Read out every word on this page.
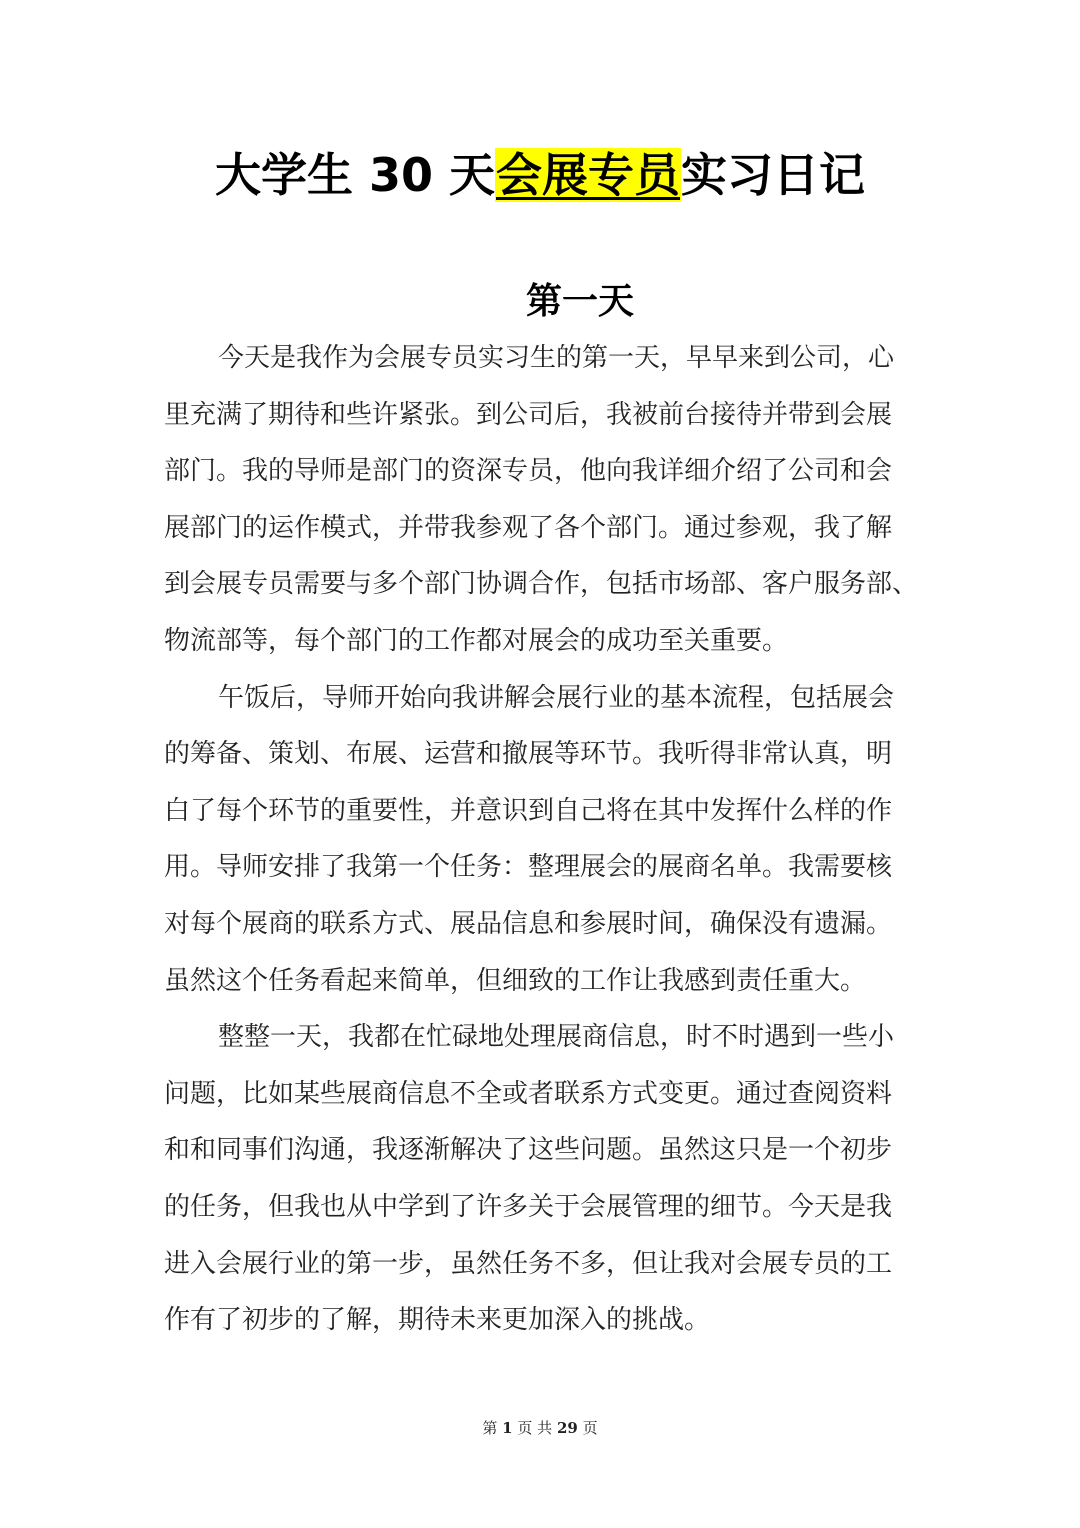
大学生 30 天会展专员实习日记
第一天

今天是我作为会展专员实习生的第一天，早早来到公司，心
里充满了期待和些许紧张。到公司后，我被前台接待并带到会展
部门。我的导师是部门的资深专员，他向我详细介绍了公司和会
展部门的运作模式，并带我参观了各个部门。通过参观，我了解
到会展专员需要与多个部门协调合作，包括市场部、客户服务部、
物流部等，每个部门的工作都对展会的成功至关重要。

午饭后，导师开始向我讲解会展行业的基本流程，包括展会
的筹备、策划、布展、运营和撤展等环节。我听得非常认真，明
白了每个环节的重要性，并意识到自己将在其中发挥什么样的作
用。导师安排了我第一个任务：整理展会的展商名单。我需要核
对每个展商的联系方式、展品信息和参展时间，确保没有遗漏。
虽然这个任务看起来简单，但细致的工作让我感到责任重大。

整整一天，我都在忙碌地处理展商信息，时不时遇到一些小
问题，比如某些展商信息不全或者联系方式变更。通过查阅资料
和和同事们沟通，我逐渐解决了这些问题。虽然这只是一个初步
的任务，但我也从中学到了许多关于会展管理的细节。今天是我
进入会展行业的第一步，虽然任务不多，但让我对会展专员的工
作有了初步的了解，期待未来更加深入的挑战。

第 1 页 共 29 页
